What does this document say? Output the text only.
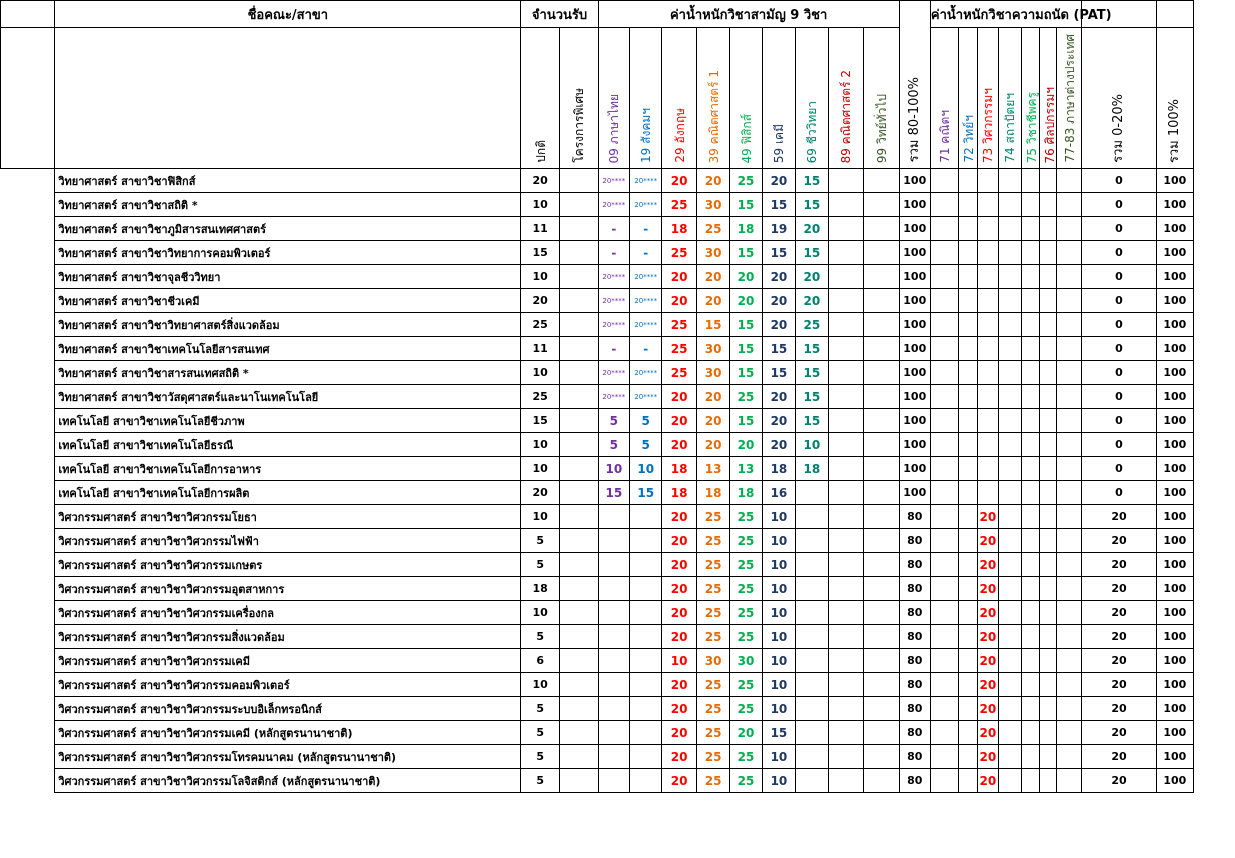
	ชื่อคณะ/สาขา	จำนวนรับ		ค่าน้ำหนักวิชาสามัญ 9 วิชา									รวม 80-100%	ค่าน้ำหนักวิชาความถนัด (PAT)								
		ปกติ	โครงการพิเศษ	09 ภาษาไทย	19 สังคมฯ	29 อังกฤษ	39 คณิตศาสตร์ 1	49 ฟิสิกส์	59 เคมี	69 ชีววิทยา	89 คณิตศาสตร์ 2	99 วิทย์ทั่วไป		71 คณิตฯ	72 วิทย์ฯ	73 วิศวกรรมฯ	74 สถาปัตยฯ	75 วิชาชีพครู	76 ศิลปกรรมฯ	77-83 ภาษาต่างประเทศ	รวม 0-20%	รวม 100%
	วิทยาศาสตร์ สาขาวิชาฟิสิกส์	20		20****	20****	20	20	25	20	15			100								0	100
	วิทยาศาสตร์ สาขาวิชาสถิติ *	10		20****	20****	25	30	15	15	15			100								0	100
	วิทยาศาสตร์ สาขาวิชาภูมิสารสนเทศศาสตร์	11		-	-	18	25	18	19	20			100								0	100
	วิทยาศาสตร์ สาขาวิชาวิทยาการคอมพิวเตอร์	15		-	-	25	30	15	15	15			100								0	100
	วิทยาศาสตร์ สาขาวิชาจุลชีววิทยา	10		20****	20****	20	20	20	20	20			100								0	100
	วิทยาศาสตร์ สาขาวิชาชีวเคมี	20		20****	20****	20	20	20	20	20			100								0	100
	วิทยาศาสตร์ สาขาวิชาวิทยาศาสตร์สิ่งแวดล้อม	25		20****	20****	25	15	15	20	25			100								0	100
	วิทยาศาสตร์ สาขาวิชาเทคโนโลยีสารสนเทศ	11		-	-	25	30	15	15	15			100								0	100
	วิทยาศาสตร์ สาขาวิชาสารสนเทศสถิติ *	10		20****	20****	25	30	15	15	15			100								0	100
	วิทยาศาสตร์ สาขาวิชาวัสดุศาสตร์และนาโนเทคโนโลยี	25		20****	20****	20	20	25	20	15			100								0	100
	เทคโนโลยี สาขาวิชาเทคโนโลยีชีวภาพ	15		5	5	20	20	15	20	15			100								0	100
	เทคโนโลยี สาขาวิชาเทคโนโลยีธรณี	10		5	5	20	20	20	20	10			100								0	100
	เทคโนโลยี สาขาวิชาเทคโนโลยีการอาหาร	10		10	10	18	13	13	18	18			100								0	100
	เทคโนโลยี สาขาวิชาเทคโนโลยีการผลิต	20		15	15	18	18	18	16				100								0	100
	วิศวกรรมศาสตร์ สาขาวิชาวิศวกรรมโยธา	10				20	25	25	10				80			20					20	100
	วิศวกรรมศาสตร์ สาขาวิชาวิศวกรรมไฟฟ้า	5				20	25	25	10				80			20					20	100
	วิศวกรรมศาสตร์ สาขาวิชาวิศวกรรมเกษตร	5				20	25	25	10				80			20					20	100
	วิศวกรรมศาสตร์ สาขาวิชาวิศวกรรมอุตสาหการ	18				20	25	25	10				80			20					20	100
	วิศวกรรมศาสตร์ สาขาวิชาวิศวกรรมเครื่องกล	10				20	25	25	10				80			20					20	100
	วิศวกรรมศาสตร์ สาขาวิชาวิศวกรรมสิ่งแวดล้อม	5				20	25	25	10				80			20					20	100
	วิศวกรรมศาสตร์ สาขาวิชาวิศวกรรมเคมี	6				10	30	30	10				80			20					20	100
	วิศวกรรมศาสตร์ สาขาวิชาวิศวกรรมคอมพิวเตอร์	10				20	25	25	10				80			20					20	100
	วิศวกรรมศาสตร์ สาขาวิชาวิศวกรรมระบบอิเล็กทรอนิกส์	5				20	25	25	10				80			20					20	100
	วิศวกรรมศาสตร์ สาขาวิชาวิศวกรรมเคมี (หลักสูตรนานาชาติ)	5				20	25	20	15				80			20					20	100
	วิศวกรรมศาสตร์ สาขาวิชาวิศวกรรมโทรคมนาคม (หลักสูตรนานาชาติ)	5				20	25	25	10				80			20					20	100
	วิศวกรรมศาสตร์ สาขาวิชาวิศวกรรมโลจิสติกส์ (หลักสูตรนานาชาติ)	5				20	25	25	10				80			20					20	100
